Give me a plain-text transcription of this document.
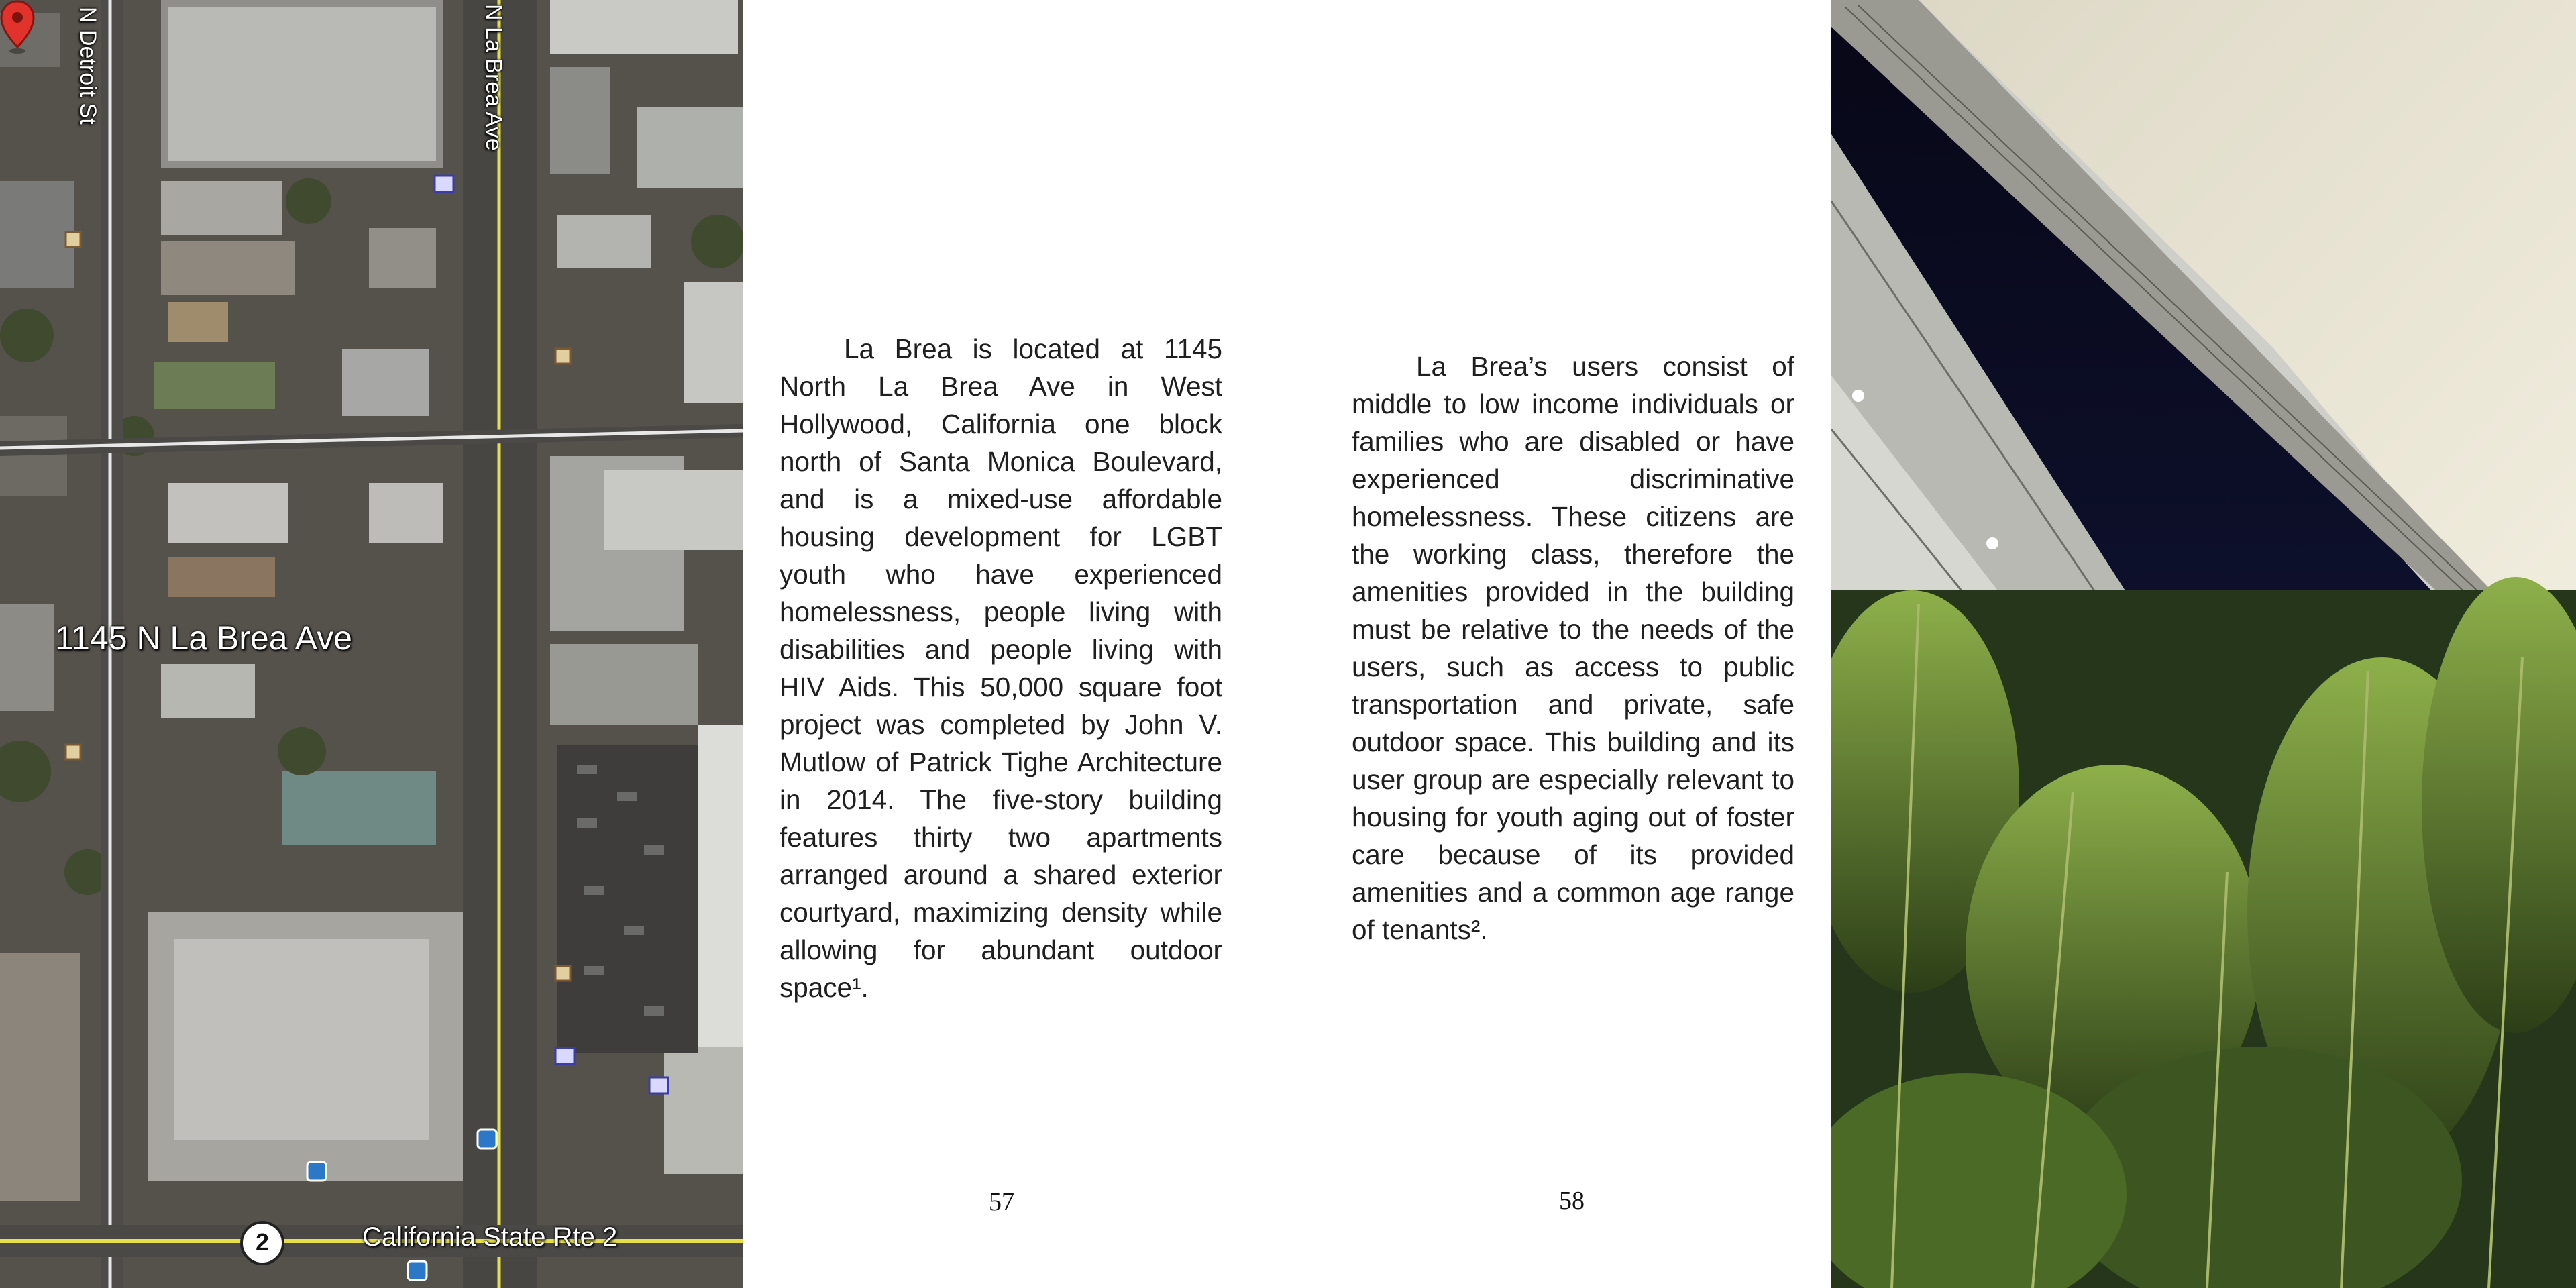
N Detroit St	N La Brea Ave
1145 N La Brea Ave
2	California State Rte 2

La Brea is located at 1145 North La Brea Ave in West Hollywood, California one block north of Santa Monica Boulevard, and is a mixed-use affordable housing development for LGBT youth who have experienced homelessness, people living with disabilities and people living with HIV Aids. This 50,000 square foot project was completed by John V. Mutlow of Patrick Tighe Architecture in 2014. The five-story building features thirty two apartments arranged around a shared exterior courtyard, maximizing density while allowing for abundant outdoor space¹.

57

La Brea’s users consist of middle to low income individuals or families who are disabled or have experienced discriminative homelessness. These citizens are the working class, therefore the amenities provided in the building must be relative to the needs of the users, such as access to public transportation and private, safe outdoor space. This building and its user group are especially relevant to housing for youth aging out of foster care because of its provided amenities and a common age range of tenants².

58
